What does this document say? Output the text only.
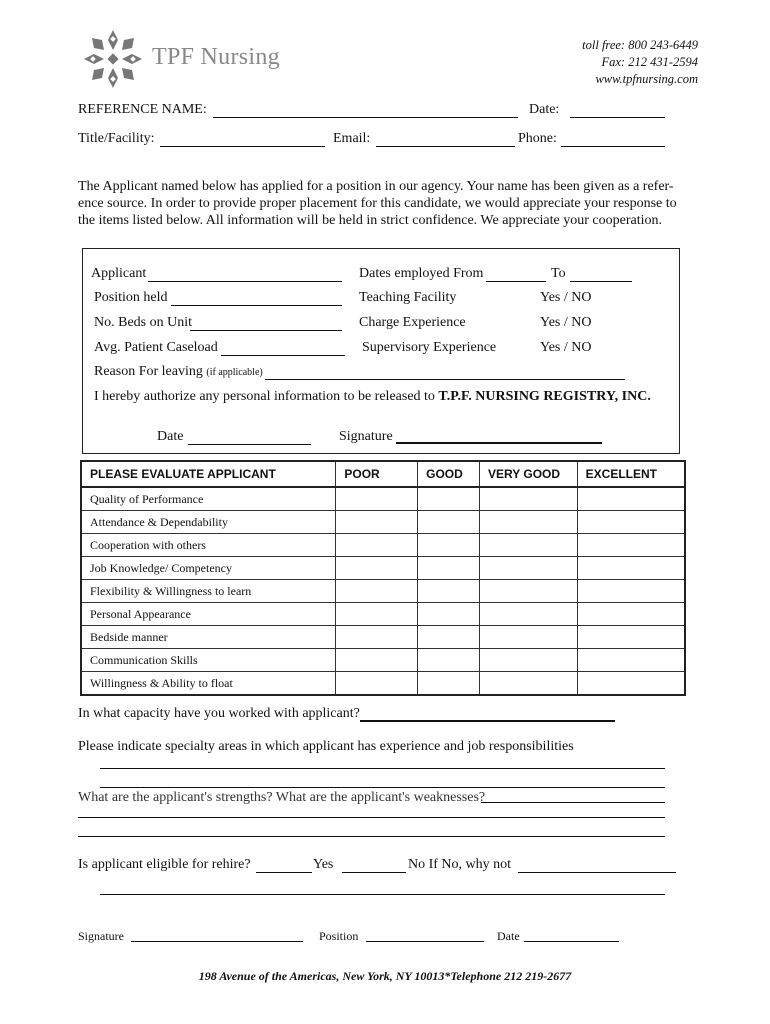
TPF Nursing	toll free: 800 243-6449
Fax: 212 431-2594
www.tpfnursing.com
REFERENCE NAME:	Date:
Title/Facility:	Email:	Phone:
The Applicant named below has applied for a position in our agency. Your name has been given as a refer-
ence source. In order to provide proper placement for this candidate, we would appreciate your response to
the items listed below. All information will be held in strict confidence. We appreciate your cooperation.
Applicant	Dates employed From	To
Position held	Teaching Facility	Yes / NO
No. Beds on Unit	Charge Experience	Yes / NO
Avg. Patient Caseload	Supervisory Experience	Yes / NO
Reason For leaving (if applicable)
I hereby authorize any personal information to be released to T.P.F. NURSING REGISTRY, INC.
Date	Signature
PLEASE EVALUATE APPLICANT	POOR	GOOD	VERY GOOD	EXCELLENT
Quality of Performance				
Attendance & Dependability				
Cooperation with others				
Job Knowledge/ Competency				
Flexibility & Willingness to learn				
Personal Appearance				
Bedside manner				
Communication Skills				
Willingness & Ability to float				
In what capacity have you worked with applicant?
Please indicate specialty areas in which applicant has experience and job responsibilities
What are the applicant's strengths? What are the applicant's weaknesses?
Is applicant eligible for rehire?	Yes	No If No, why not
Signature	Position	Date
198 Avenue of the Americas, New York, NY 10013*Telephone 212 219-2677
